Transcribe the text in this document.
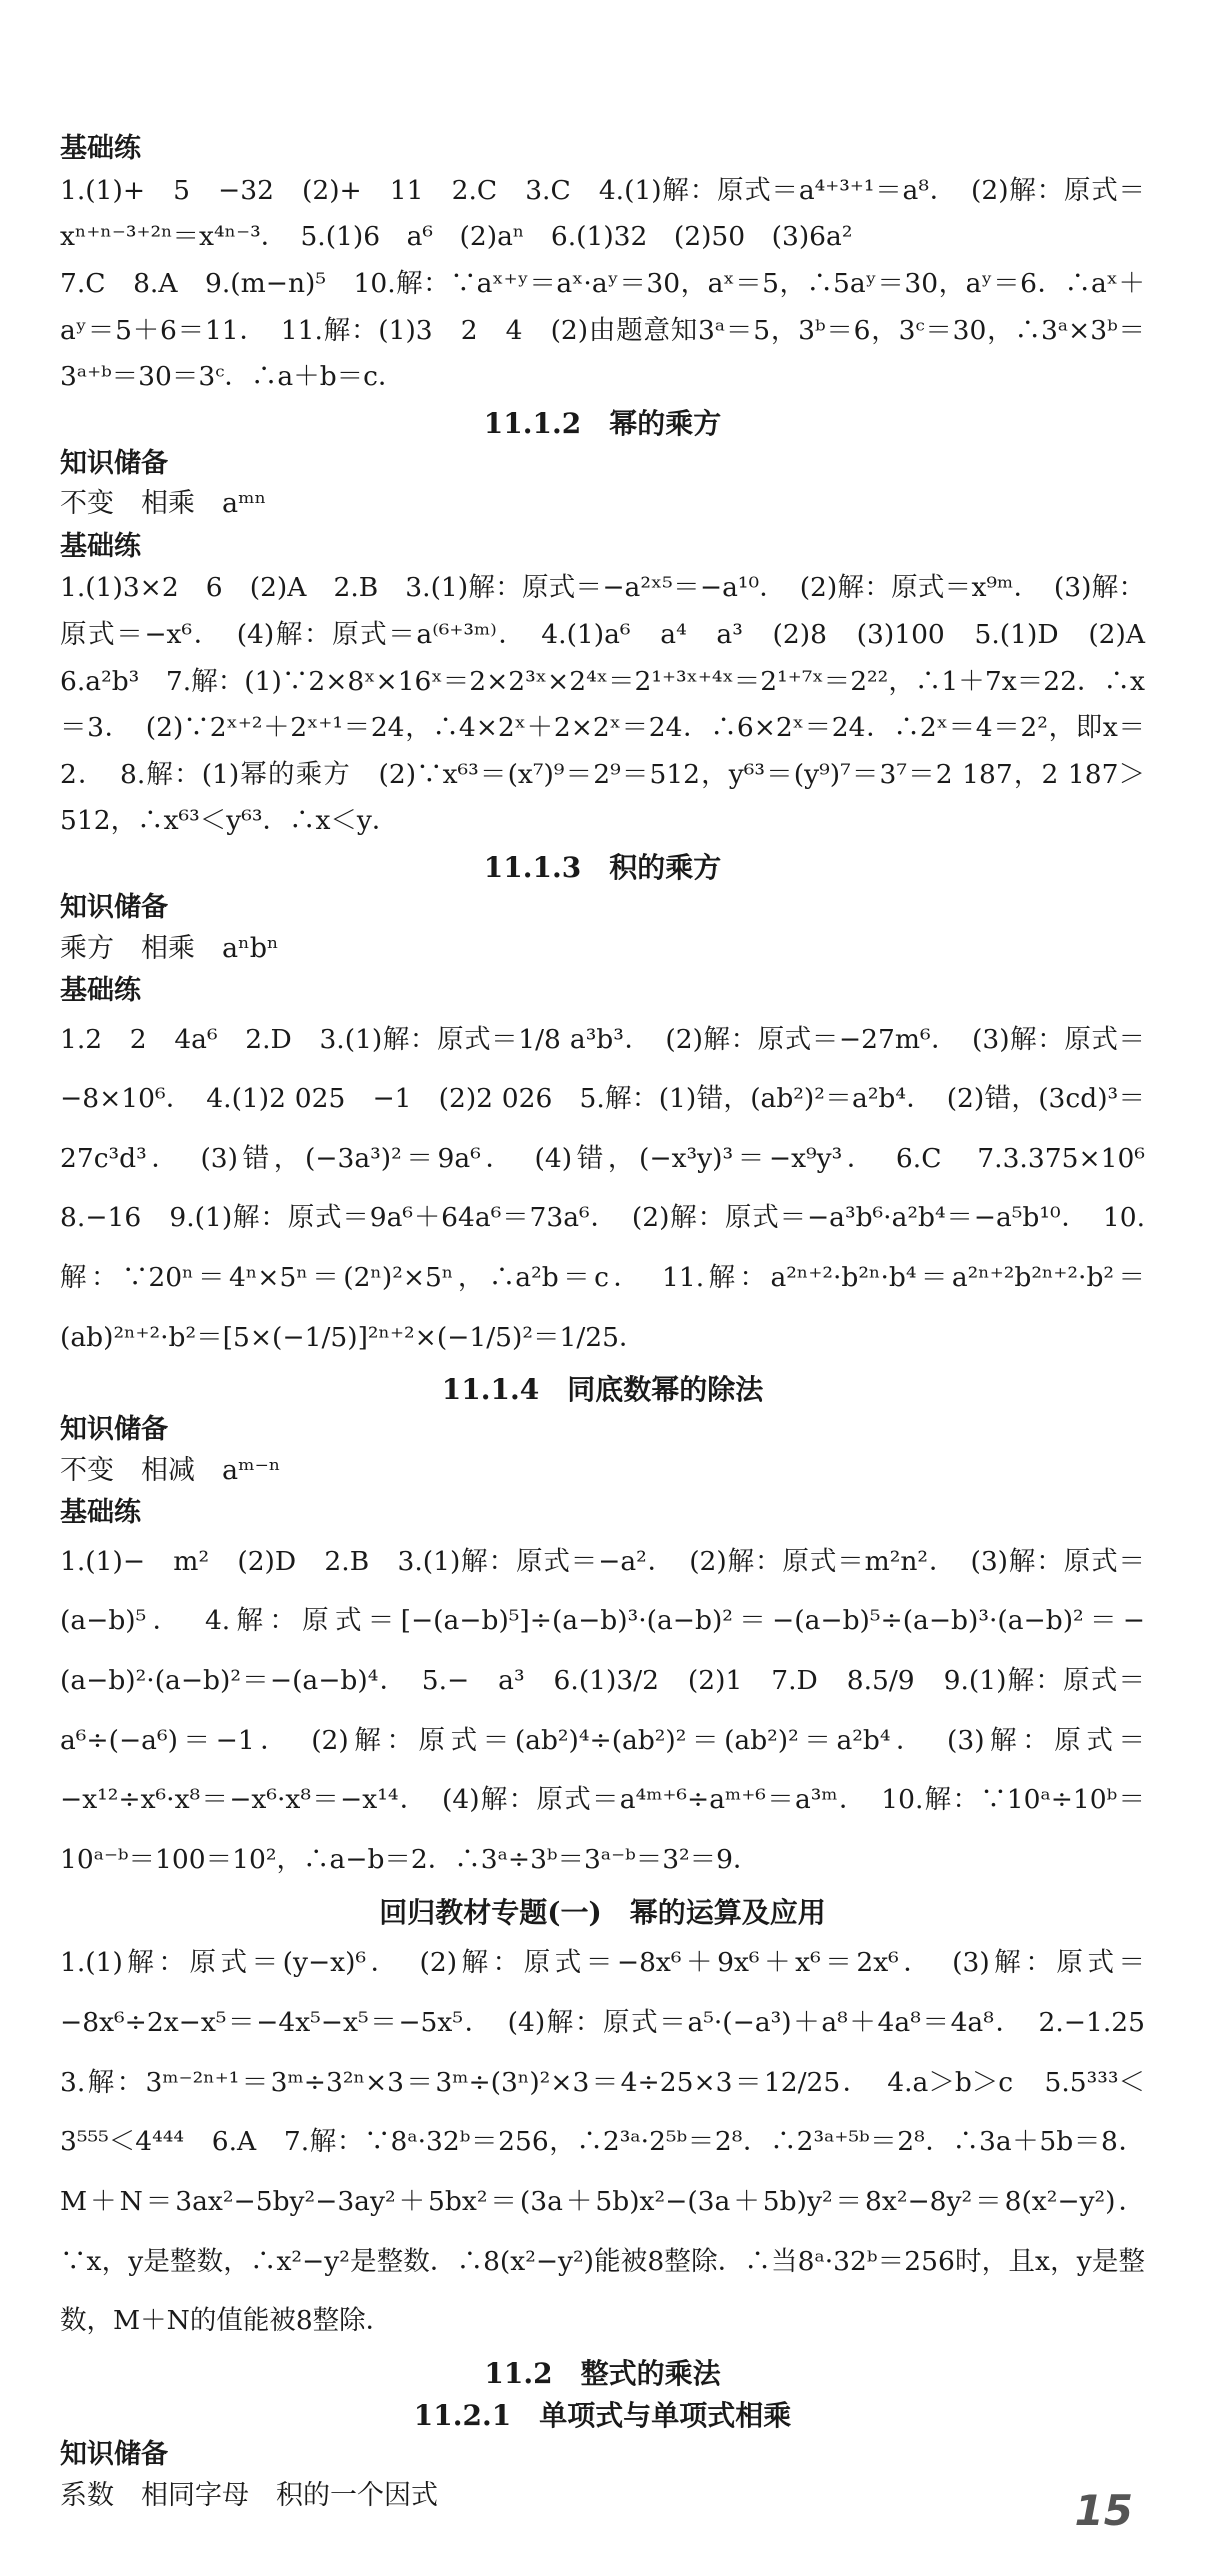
基础练

1.(1)+　5　−32　(2)+　11　2.C　3.C　4.(1)解：原式＝a⁴⁺³⁺¹＝a⁸．　(2)解：原式＝xⁿ⁺ⁿ⁻³⁺²ⁿ＝x⁴ⁿ⁻³．　5.(1)6　a⁶　(2)aⁿ　6.(1)32　(2)50　(3)6a²

7.C　8.A　9.(m−n)⁵　10.解：∵aˣ⁺ʸ＝aˣ·aʸ＝30，aˣ＝5，∴5aʸ＝30，aʸ＝6．∴aˣ＋aʸ＝5＋6＝11．　11.解：(1)3　2　4　(2)由题意知3ᵃ＝5，3ᵇ＝6，3ᶜ＝30，∴3ᵃ×3ᵇ＝3ᵃ⁺ᵇ＝30＝3ᶜ．∴a＋b＝c．

11.1.2　幂的乘方
知识储备

不变　相乘　aᵐⁿ

基础练

1.(1)3×2　6　(2)A　2.B　3.(1)解：原式＝−a²ˣ⁵＝−a¹⁰．　(2)解：原式＝x⁹ᵐ．　(3)解：原式＝−x⁶．　(4)解：原式＝a⁽⁶⁺³ᵐ⁾．　4.(1)a⁶　a⁴　a³　(2)8　(3)100　5.(1)D　(2)A　6.a²b³　7.解：(1)∵2×8ˣ×16ˣ＝2×2³ˣ×2⁴ˣ＝2¹⁺³ˣ⁺⁴ˣ＝2¹⁺⁷ˣ＝2²²，∴1＋7x＝22．∴x＝3．　(2)∵2ˣ⁺²＋2ˣ⁺¹＝24，∴4×2ˣ＋2×2ˣ＝24．∴6×2ˣ＝24．∴2ˣ＝4＝2²，即x＝2．　8.解：(1)幂的乘方　(2)∵x⁶³＝(x⁷)⁹＝2⁹＝512，y⁶³＝(y⁹)⁷＝3⁷＝2 187，2 187＞512，∴x⁶³＜y⁶³．∴x＜y．

11.1.3　积的乘方
知识储备

乘方　相乘　aⁿbⁿ

基础练

1.2　2　4a⁶　2.D　3.(1)解：原式＝1/8 a³b³．　(2)解：原式＝−27m⁶．　(3)解：原式＝−8×10⁶．　4.(1)2 025　−1　(2)2 026　5.解：(1)错，(ab²)²＝a²b⁴．　(2)错，(3cd)³＝27c³d³．　(3)错，(−3a³)²＝9a⁶．　(4)错，(−x³y)³＝−x⁹y³．　6.C　7.3.375×10⁶　8.−16　9.(1)解：原式＝9a⁶＋64a⁶＝73a⁶．　(2)解：原式＝−a³b⁶·a²b⁴＝−a⁵b¹⁰．　10.解：∵20ⁿ＝4ⁿ×5ⁿ＝(2ⁿ)²×5ⁿ，∴a²b＝c．　11.解：a²ⁿ⁺²·b²ⁿ·b⁴＝a²ⁿ⁺²b²ⁿ⁺²·b²＝(ab)²ⁿ⁺²·b²＝[5×(−1/5)]²ⁿ⁺²×(−1/5)²＝1/25．

11.1.4　同底数幂的除法
知识储备

不变　相减　aᵐ⁻ⁿ

基础练

1.(1)−　m²　(2)D　2.B　3.(1)解：原式＝−a²．　(2)解：原式＝m²n²．　(3)解：原式＝(a−b)⁵．　4.解：原式＝[−(a−b)⁵]÷(a−b)³·(a−b)²＝−(a−b)⁵÷(a−b)³·(a−b)²＝−(a−b)²·(a−b)²＝−(a−b)⁴．　5.−　a³　6.(1)3/2　(2)1　7.D　8.5/9　9.(1)解：原式＝a⁶÷(−a⁶)＝−1．　(2)解：原式＝(ab²)⁴÷(ab²)²＝(ab²)²＝a²b⁴．　(3)解：原式＝−x¹²÷x⁶·x⁸＝−x⁶·x⁸＝−x¹⁴．　(4)解：原式＝a⁴ᵐ⁺⁶÷aᵐ⁺⁶＝a³ᵐ．　10.解：∵10ᵃ÷10ᵇ＝10ᵃ⁻ᵇ＝100＝10²，∴a−b＝2．∴3ᵃ÷3ᵇ＝3ᵃ⁻ᵇ＝3²＝9．

回归教材专题(一)　幂的运算及应用

1.(1)解：原式＝(y−x)⁶．　(2)解：原式＝−8x⁶＋9x⁶＋x⁶＝2x⁶．　(3)解：原式＝−8x⁶÷2x−x⁵＝−4x⁵−x⁵＝−5x⁵．　(4)解：原式＝a⁵·(−a³)＋a⁸＋4a⁸＝4a⁸．　2.−1.25　3.解：3ᵐ⁻²ⁿ⁺¹＝3ᵐ÷3²ⁿ×3＝3ᵐ÷(3ⁿ)²×3＝4÷25×3＝12/25．　4.a＞b＞c　5.5³³³＜3⁵⁵⁵＜4⁴⁴⁴　6.A　7.解：∵8ᵃ·32ᵇ＝256，∴2³ᵃ·2⁵ᵇ＝2⁸．∴2³ᵃ⁺⁵ᵇ＝2⁸．∴3a＋5b＝8．M＋N＝3ax²−5by²−3ay²＋5bx²＝(3a＋5b)x²−(3a＋5b)y²＝8x²−8y²＝8(x²−y²)．∵x，y是整数，∴x²−y²是整数．∴8(x²−y²)能被8整除．∴当8ᵃ·32ᵇ＝256时，且x，y是整数，M＋N的值能被8整除．

11.2　整式的乘法
11.2.1　单项式与单项式相乘
知识储备

系数　相同字母　积的一个因式	15
